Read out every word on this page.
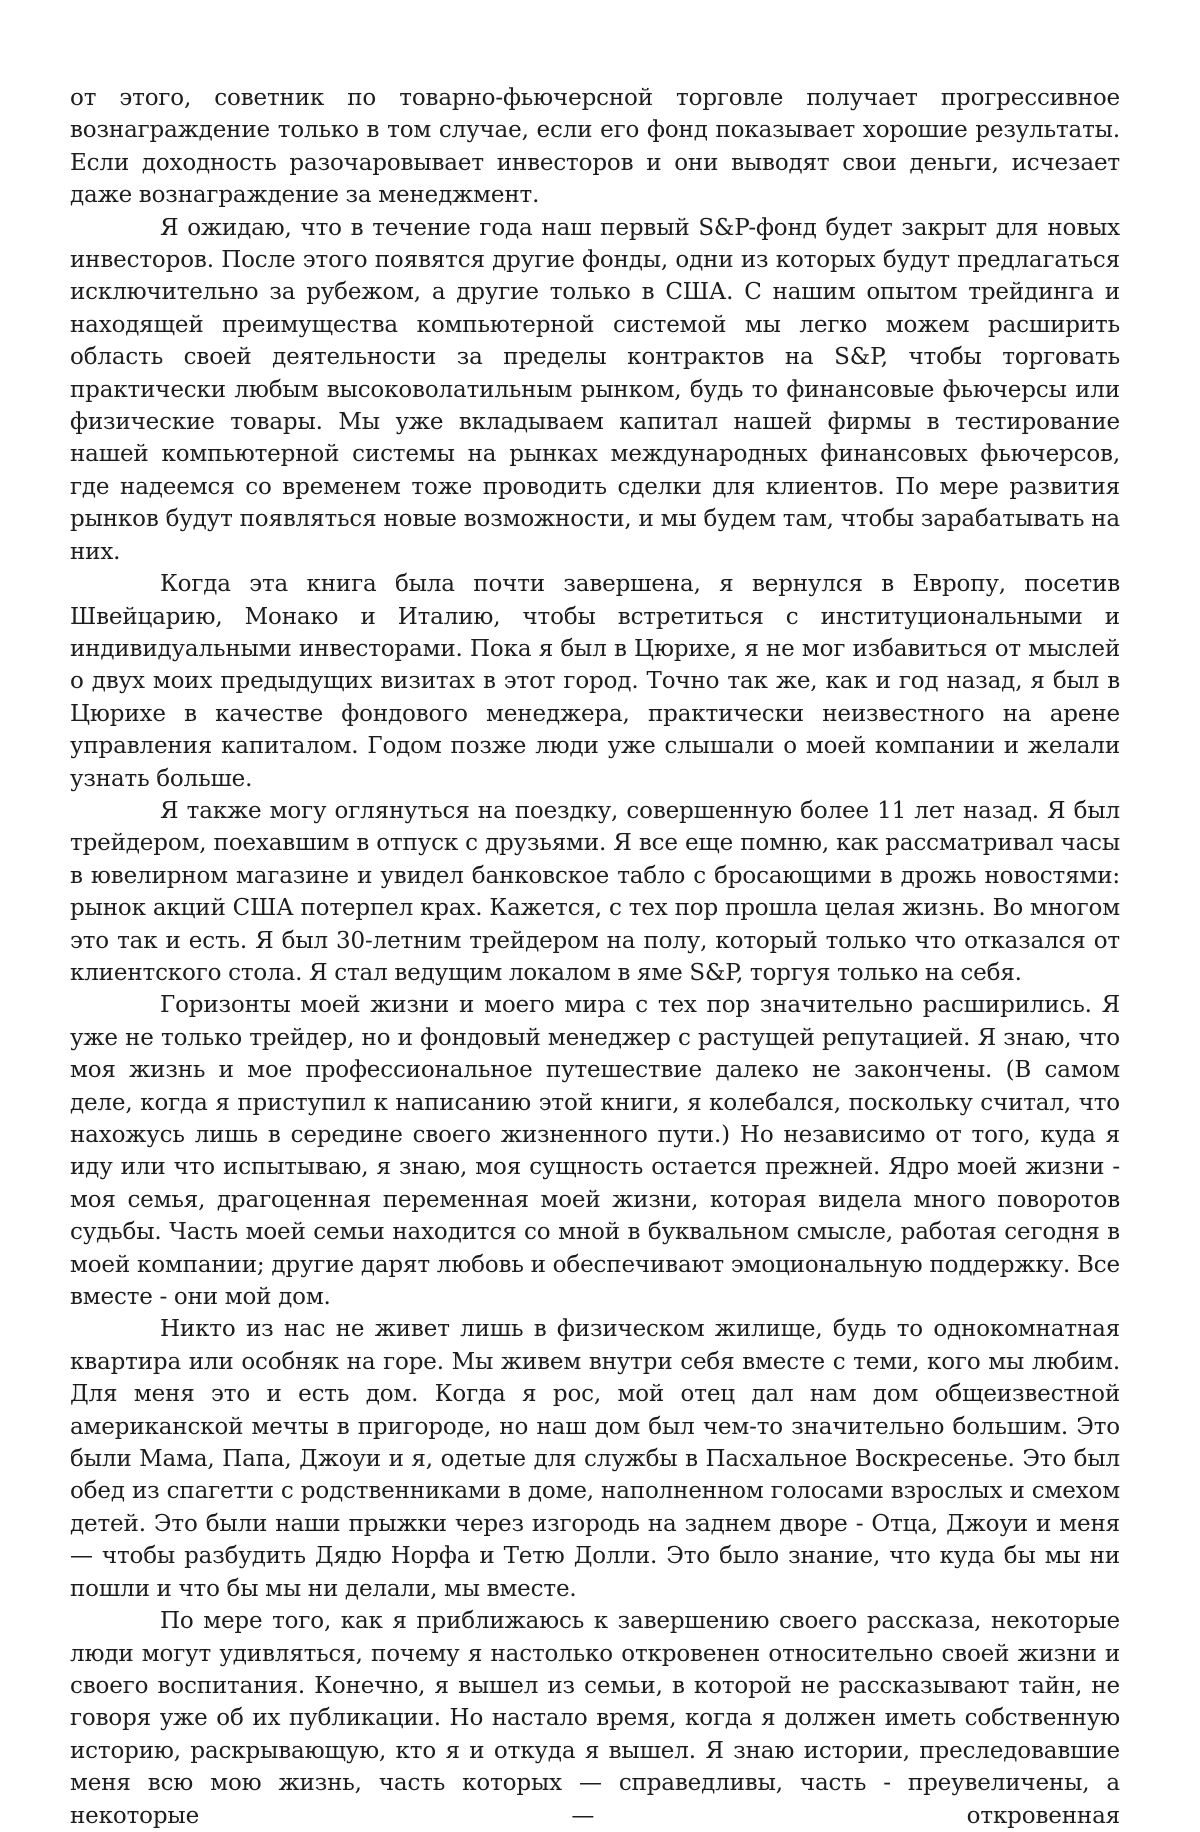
от этого, советник по товарно-фьючерсной торговле получает прогрессивное вознаграждение только в том случае, если его фонд показывает хорошие результаты. Если доходность разочаровывает инвесторов и они выводят свои деньги, исчезает даже вознаграждение за менеджмент.

Я ожидаю, что в течение года наш первый S&P-фонд будет закрыт для новых инвесторов. После этого появятся другие фонды, одни из которых будут предлагаться исключительно за рубежом, а другие только в США. С нашим опытом трейдинга и находящей преимущества компьютерной системой мы легко можем расширить область своей деятельности за пределы контрактов на S&P, чтобы торговать практически любым высоковолатильным рынком, будь то финансовые фьючерсы или физические товары. Мы уже вкладываем капитал нашей фирмы в тестирование нашей компьютерной системы на рынках международных финансовых фьючерсов, где надеемся со временем тоже проводить сделки для клиентов. По мере развития рынков будут появляться новые возможности, и мы будем там, чтобы зарабатывать на них.

Когда эта книга была почти завершена, я вернулся в Европу, посетив Швейцарию, Монако и Италию, чтобы встретиться с институциональными и индивидуальными инвесторами. Пока я был в Цюрихе, я не мог избавиться от мыслей о двух моих предыдущих визитах в этот город. Точно так же, как и год назад, я был в Цюрихе в качестве фондового менеджера, практически неизвестного на арене управления капиталом. Годом позже люди уже слышали о моей компании и желали узнать больше.

Я также могу оглянуться на поездку, совершенную более 11 лет назад. Я был трейдером, поехавшим в отпуск с друзьями. Я все еще помню, как рассматривал часы в ювелирном магазине и увидел банковское табло с бросающими в дрожь новостями: рынок акций США потерпел крах. Кажется, с тех пор прошла целая жизнь. Во многом это так и есть. Я был 30-летним трейдером на полу, который только что отказался от клиентского стола. Я стал ведущим локалом в яме S&P, торгуя только на себя.

Горизонты моей жизни и моего мира с тех пор значительно расширились. Я уже не только трейдер, но и фондовый менеджер с растущей репутацией. Я знаю, что моя жизнь и мое профессиональное путешествие далеко не закончены. (В самом деле, когда я приступил к написанию этой книги, я колебался, поскольку считал, что нахожусь лишь в середине своего жизненного пути.) Но независимо от того, куда я иду или что испытываю, я знаю, моя сущность остается прежней. Ядро моей жизни - моя семья, драгоценная переменная моей жизни, которая видела много поворотов судьбы. Часть моей семьи находится со мной в буквальном смысле, работая сегодня в моей компании; другие дарят любовь и обеспечивают эмоциональную поддержку. Все вместе - они мой дом.

Никто из нас не живет лишь в физическом жилище, будь то однокомнатная квартира или особняк на горе. Мы живем внутри себя вместе с теми, кого мы любим. Для меня это и есть дом. Когда я рос, мой отец дал нам дом общеизвестной американской мечты в пригороде, но наш дом был чем-то значительно большим. Это были Мама, Папа, Джоуи и я, одетые для службы в Пасхальное Воскресенье. Это был обед из спагетти с родственниками в доме, наполненном голосами взрослых и смехом детей. Это были наши прыжки через изгородь на заднем дворе - Отца, Джоуи и меня — чтобы разбудить Дядю Норфа и Тетю Долли. Это было знание, что куда бы мы ни пошли и что бы мы ни делали, мы вместе.

По мере того, как я приближаюсь к завершению своего рассказа, некоторые люди могут удивляться, почему я настолько откровенен относительно своей жизни и своего воспитания. Конечно, я вышел из семьи, в которой не рассказывают тайн, не говоря уже об их публикации. Но настало время, когда я должен иметь собственную историю, раскрывающую, кто я и откуда я вышел. Я знаю истории, преследовавшие меня всю мою жизнь, часть которых — справедливы, часть - преувеличены, а некоторые — откровенная
